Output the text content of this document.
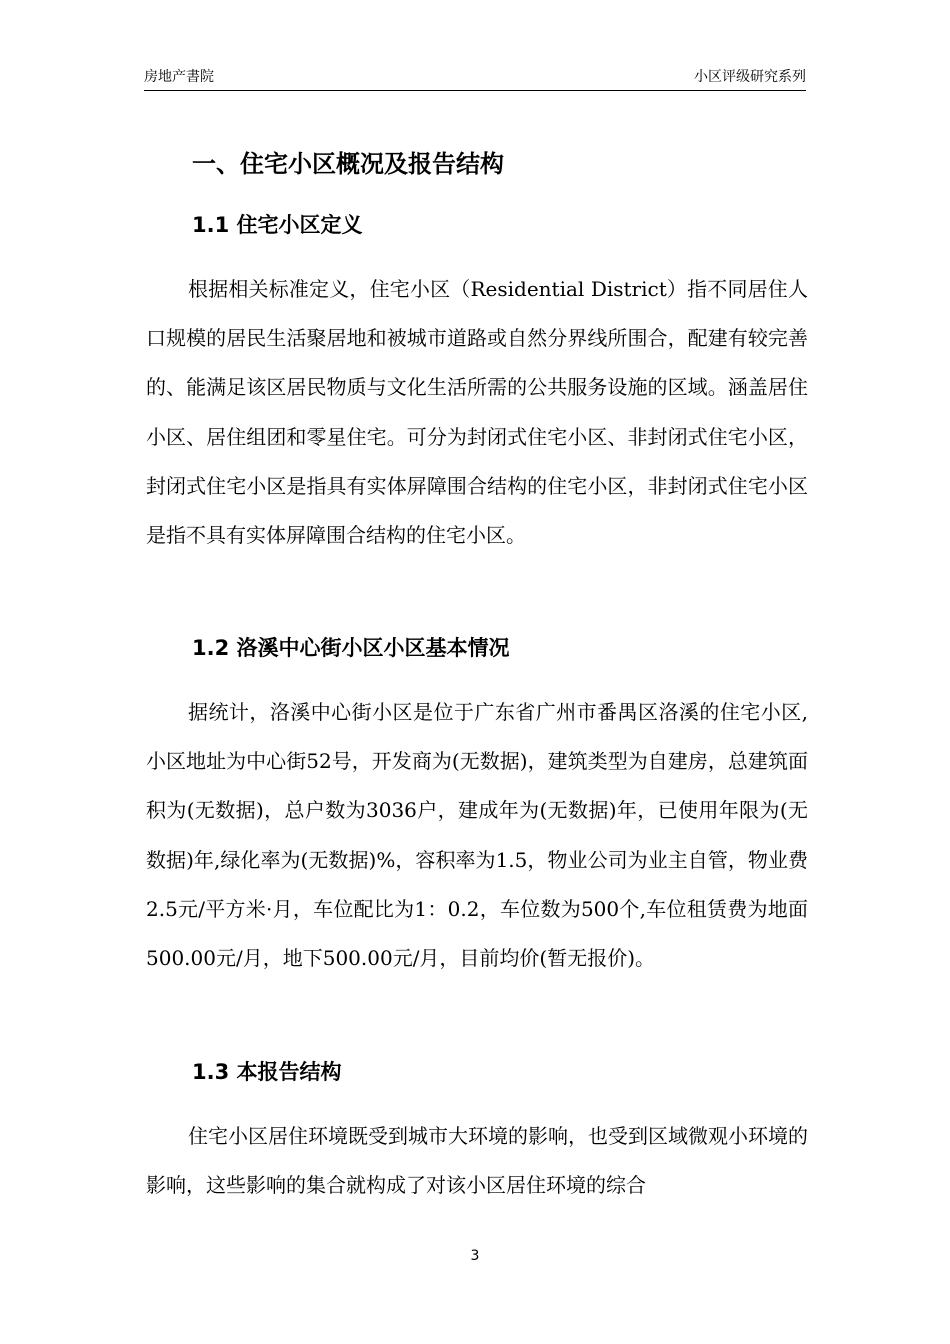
房地产書院	小区评级研究系列
一、住宅小区概况及报告结构
1.1 住宅小区定义

根据相关标准定义，住宅小区（Residential District）指不同居住人口规模的居民生活聚居地和被城市道路或自然分界线所围合，配建有较完善的、能满足该区居民物质与文化生活所需的公共服务设施的区域。涵盖居住小区、居住组团和零星住宅。可分为封闭式住宅小区、非封闭式住宅小区，封闭式住宅小区是指具有实体屏障围合结构的住宅小区，非封闭式住宅小区是指不具有实体屏障围合结构的住宅小区。

1.2 洛溪中心街小区小区基本情况

据统计，洛溪中心街小区是位于广东省广州市番禺区洛溪的住宅小区,小区地址为中心街52号，开发商为(无数据)，建筑类型为自建房，总建筑面积为(无数据)，总户数为3036户，建成年为(无数据)年，已使用年限为(无数据)年,绿化率为(无数据)%，容积率为1.5，物业公司为业主自管，物业费2.5元/平方米·月，车位配比为1：0.2，车位数为500个,车位租赁费为地面500.00元/月，地下500.00元/月，目前均价(暂无报价)。

1.3 本报告结构

住宅小区居住环境既受到城市大环境的影响，也受到区域微观小环境的影响，这些影响的集合就构成了对该小区居住环境的综合

3
